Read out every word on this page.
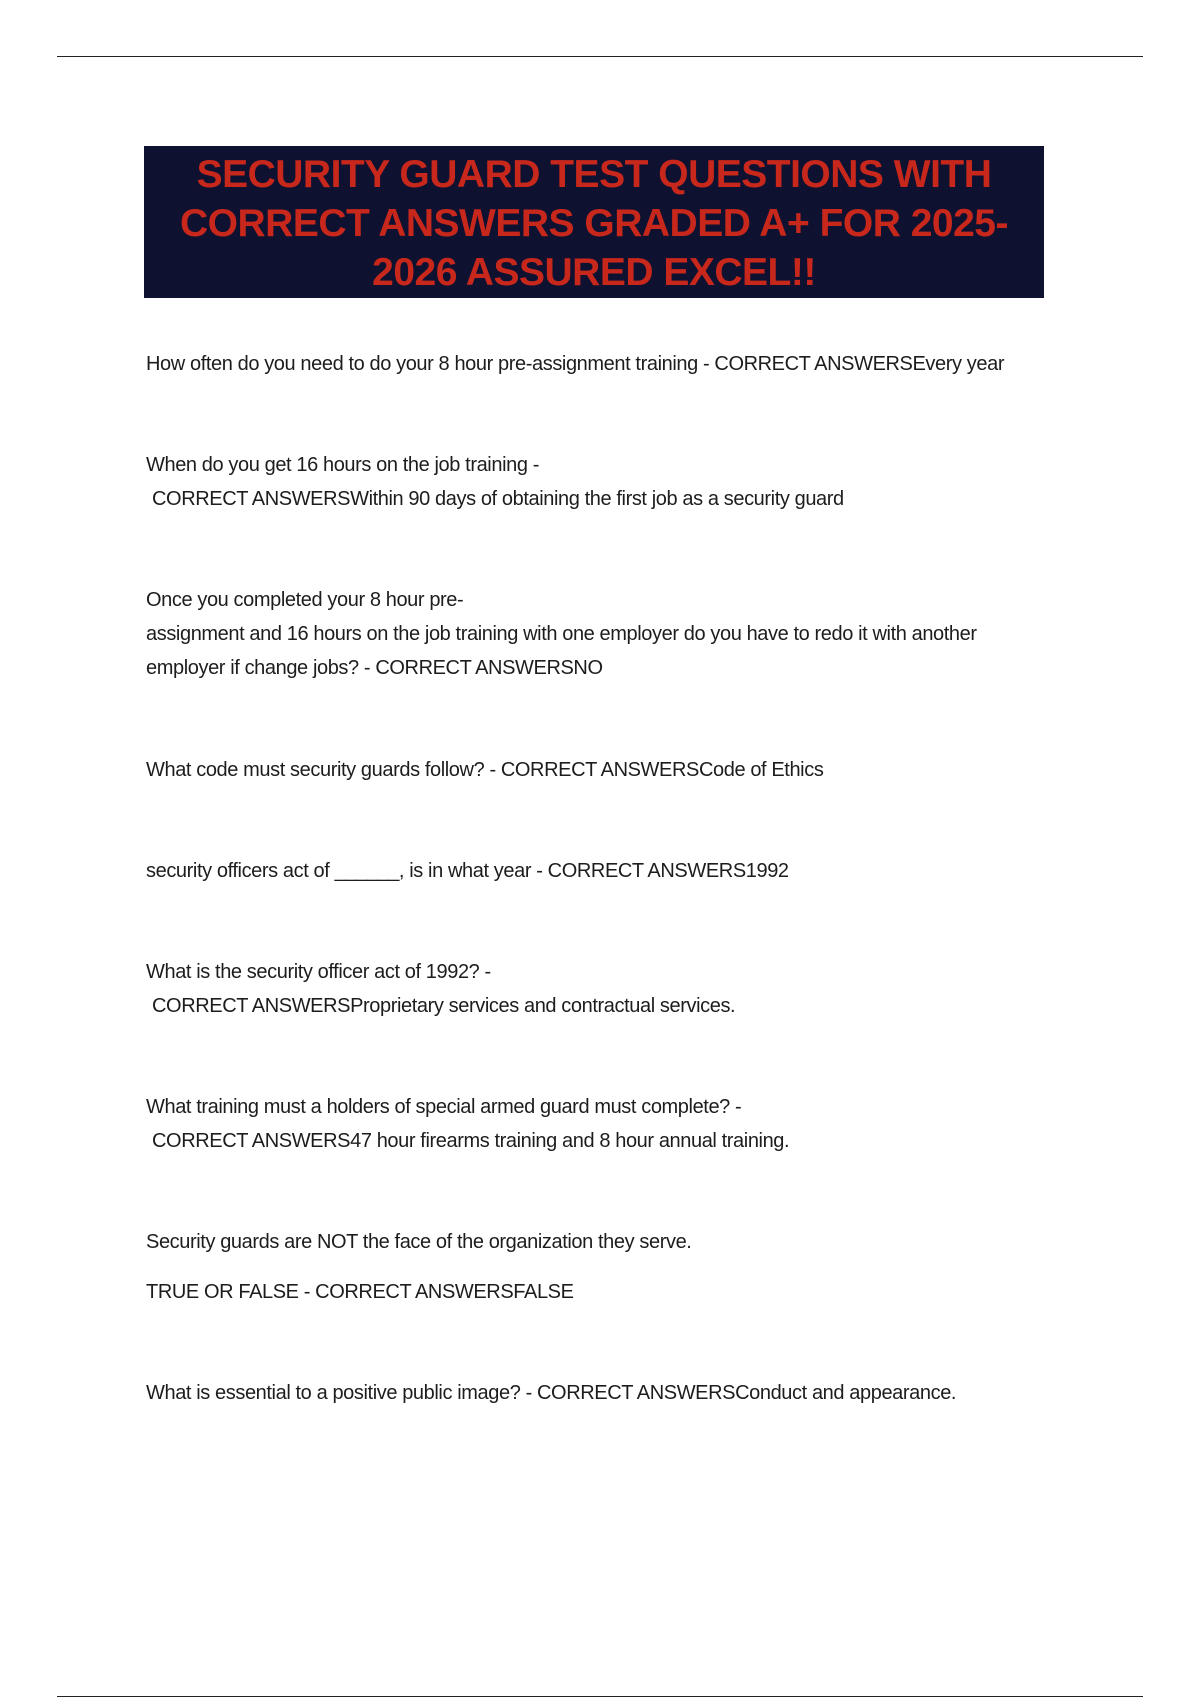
SECURITY GUARD TEST QUESTIONS WITH
CORRECT ANSWERS GRADED A+ FOR 2025-
2026 ASSURED EXCEL!!
How often do you need to do your 8 hour pre-assignment training - CORRECT ANSWERSEvery year
When do you get 16 hours on the job training -
CORRECT ANSWERSWithin 90 days of obtaining the first job as a security guard
Once you completed your 8 hour pre-
assignment and 16 hours on the job training with one employer do you have to redo it with another
employer if change jobs? - CORRECT ANSWERSNO
What code must security guards follow? - CORRECT ANSWERSCode of Ethics
security officers act of ______, is in what year - CORRECT ANSWERS1992
What is the security officer act of 1992? -
CORRECT ANSWERSProprietary services and contractual services.
What training must a holders of special armed guard must complete? -
CORRECT ANSWERS47 hour firearms training and 8 hour annual training.
Security guards are NOT the face of the organization they serve.
TRUE OR FALSE - CORRECT ANSWERSFALSE
What is essential to a positive public image? - CORRECT ANSWERSConduct and appearance.
